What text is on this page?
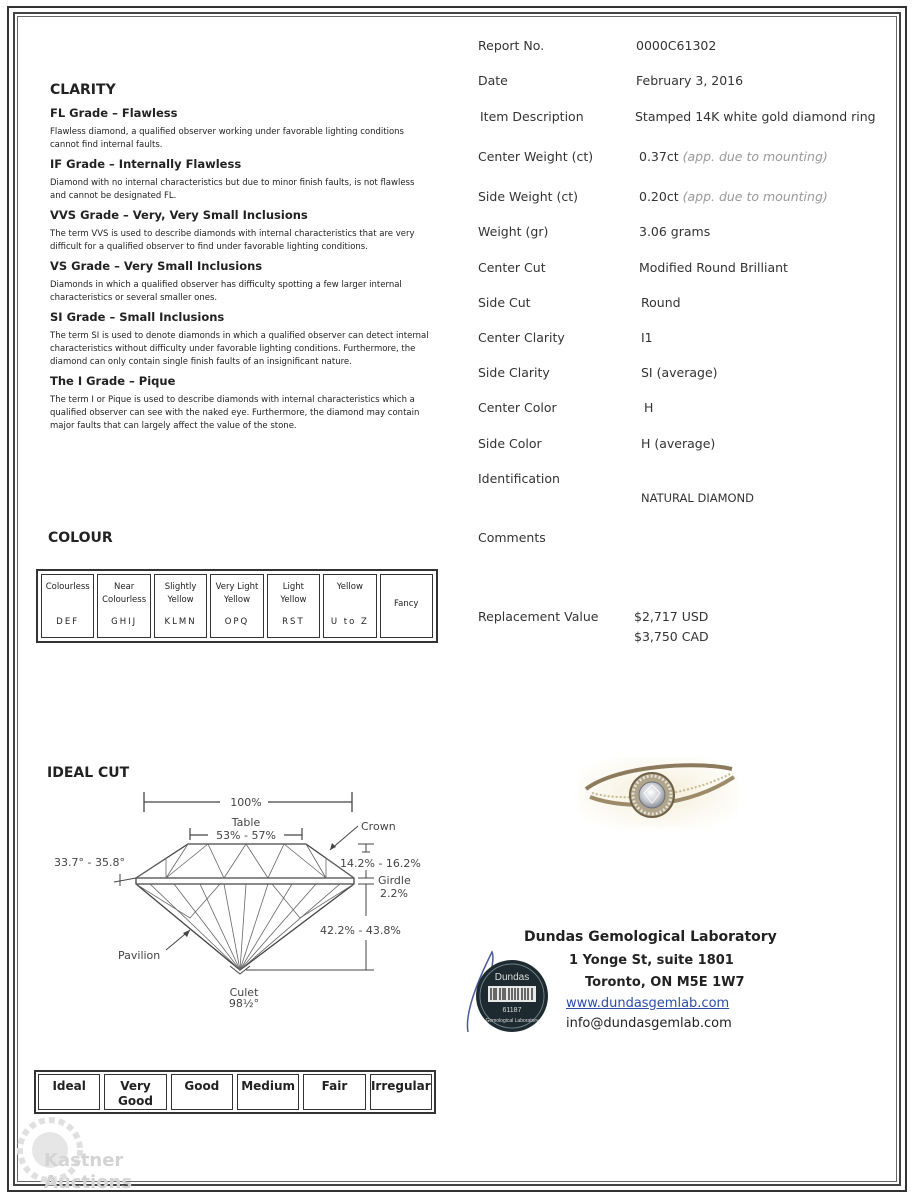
CLARITY
FL Grade – Flawless
Flawless diamond, a qualified observer working under favorable lighting conditions cannot find internal faults.
IF Grade – Internally Flawless
Diamond with no internal characteristics but due to minor finish faults, is not flawless and cannot be designated FL.
VVS Grade – Very, Very Small Inclusions
The term VVS is used to describe diamonds with internal characteristics that are very difficult for a qualified observer to find under favorable lighting conditions.
VS Grade – Very Small Inclusions
Diamonds in which a qualified observer has difficulty spotting a few larger internal characteristics or several smaller ones.
SI Grade – Small Inclusions
The term SI is used to denote diamonds in which a qualified observer can detect internal characteristics without difficulty under favorable lighting conditions. Furthermore, the diamond can only contain single finish faults of an insignificant nature.
The I Grade – Pique
The term I or Pique is used to describe diamonds with internal characteristics which a qualified observer can see with the naked eye. Furthermore, the diamond may contain major faults that can largely affect the value of the stone.
COLOUR
Colourless
DEF
Near Colourless
GHIJ
Slightly Yellow
KLMN
Very Light Yellow
OPQ
Light Yellow
RST
Yellow
U to Z
Fancy
IDEAL CUT
100%
Table
53% - 57%
Crown
33.7° - 35.8°	14.2% - 16.2%
Girdle
2.2%
42.2% - 43.8%
Pavilion
Culet
98½°
Ideal	Very Good
Good	Medium	Fair	Irregular
Report No.	0000C61302
Date	February 3, 2016
Item Description	Stamped 14K white gold diamond ring
Center Weight (ct)	0.37ct (app. due to mounting)
Side Weight (ct)	0.20ct (app. due to mounting)
Weight (gr)	3.06 grams
Center Cut	Modified Round Brilliant
Side Cut	Round
Center Clarity	I1
Side Clarity	SI (average)
Center Color	H
Side Color	H (average)
Identification
NATURAL DIAMOND
Comments
Replacement Value	$2,717 USD
$3,750 CAD
Dundas
61187
Gemological Laboratory
Dundas Gemological Laboratory
1 Yonge St, suite 1801
Toronto, ON M5E 1W7
www.dundasgemlab.com
info@dundasgemlab.com
Kastner
Auctions
